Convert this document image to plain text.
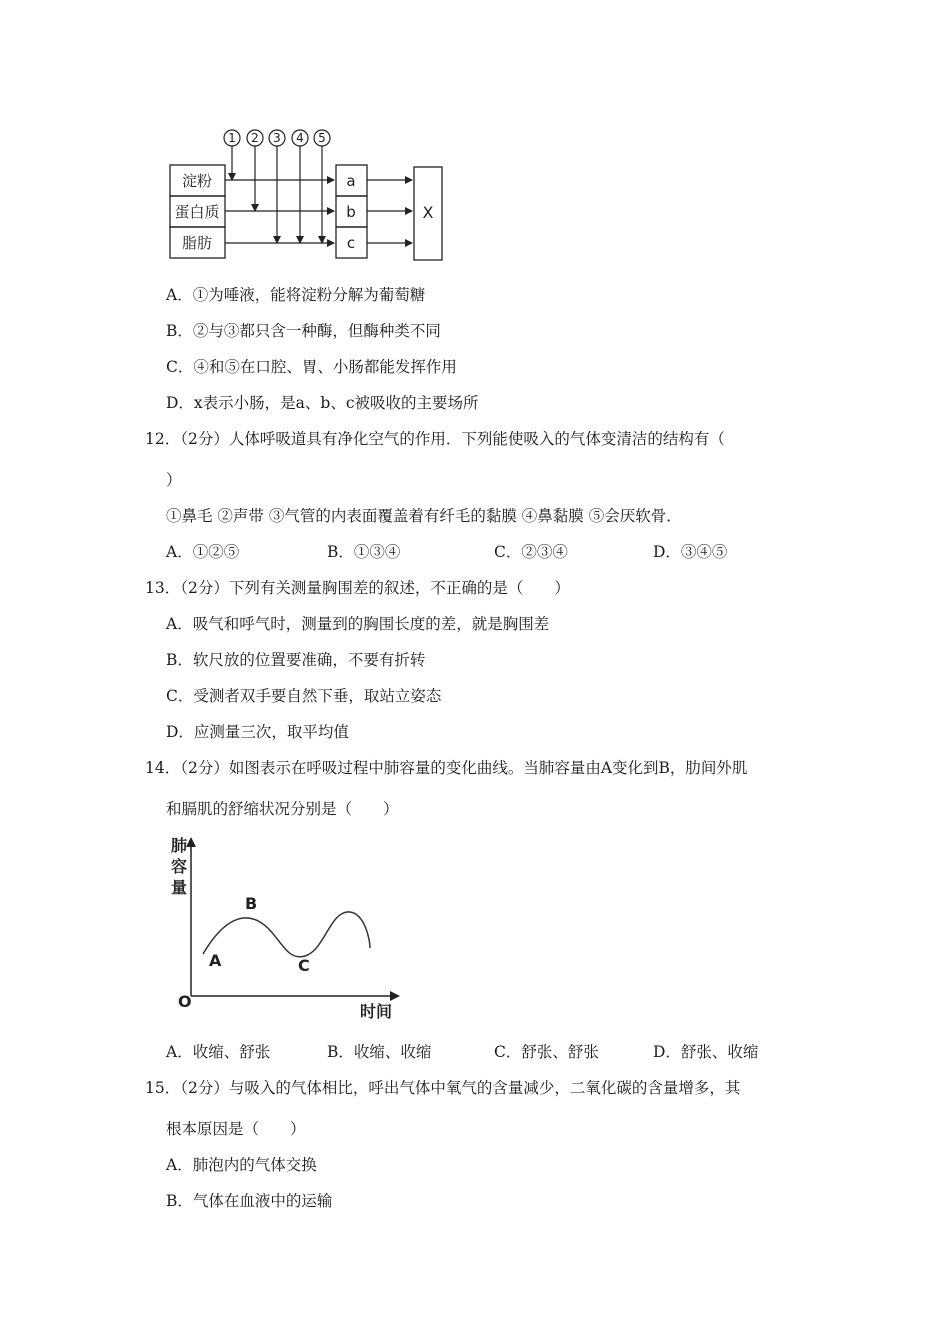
1 2 3 4 5
淀粉
蛋白质
脂肪
a
b
c
X
A．①为唾液，能将淀粉分解为葡萄糖
B．②与③都只含一种酶，但酶种类不同
C．④和⑤在口腔、胃、小肠都能发挥作用
D．x表示小肠，是a、b、c被吸收的主要场所
12．（2分）人体呼吸道具有净化空气的作用．下列能使吸入的气体变清洁的结构有（
）
①鼻毛 ②声带 ③气管的内表面覆盖着有纤毛的黏膜 ④鼻黏膜 ⑤会厌软骨．
A．①②⑤	B．①③④	C．②③④	D．③④⑤
13．（2分）下列有关测量胸围差的叙述，不正确的是（　　）
A．吸气和呼气时，测量到的胸围长度的差，就是胸围差
B．软尺放的位置要准确，不要有折转
C．受测者双手要自然下垂，取站立姿态
D．应测量三次，取平均值
14．（2分）如图表示在呼吸过程中肺容量的变化曲线。当肺容量由A变化到B，肋间外肌
和膈肌的舒缩状况分别是（　　）
肺
容
量
时间
O
A
B
C
A．收缩、舒张	B．收缩、收缩	C．舒张、舒张	D．舒张、收缩
15．（2分）与吸入的气体相比，呼出气体中氧气的含量减少，二氧化碳的含量增多，其
根本原因是（　　）
A．肺泡内的气体交换
B．气体在血液中的运输
